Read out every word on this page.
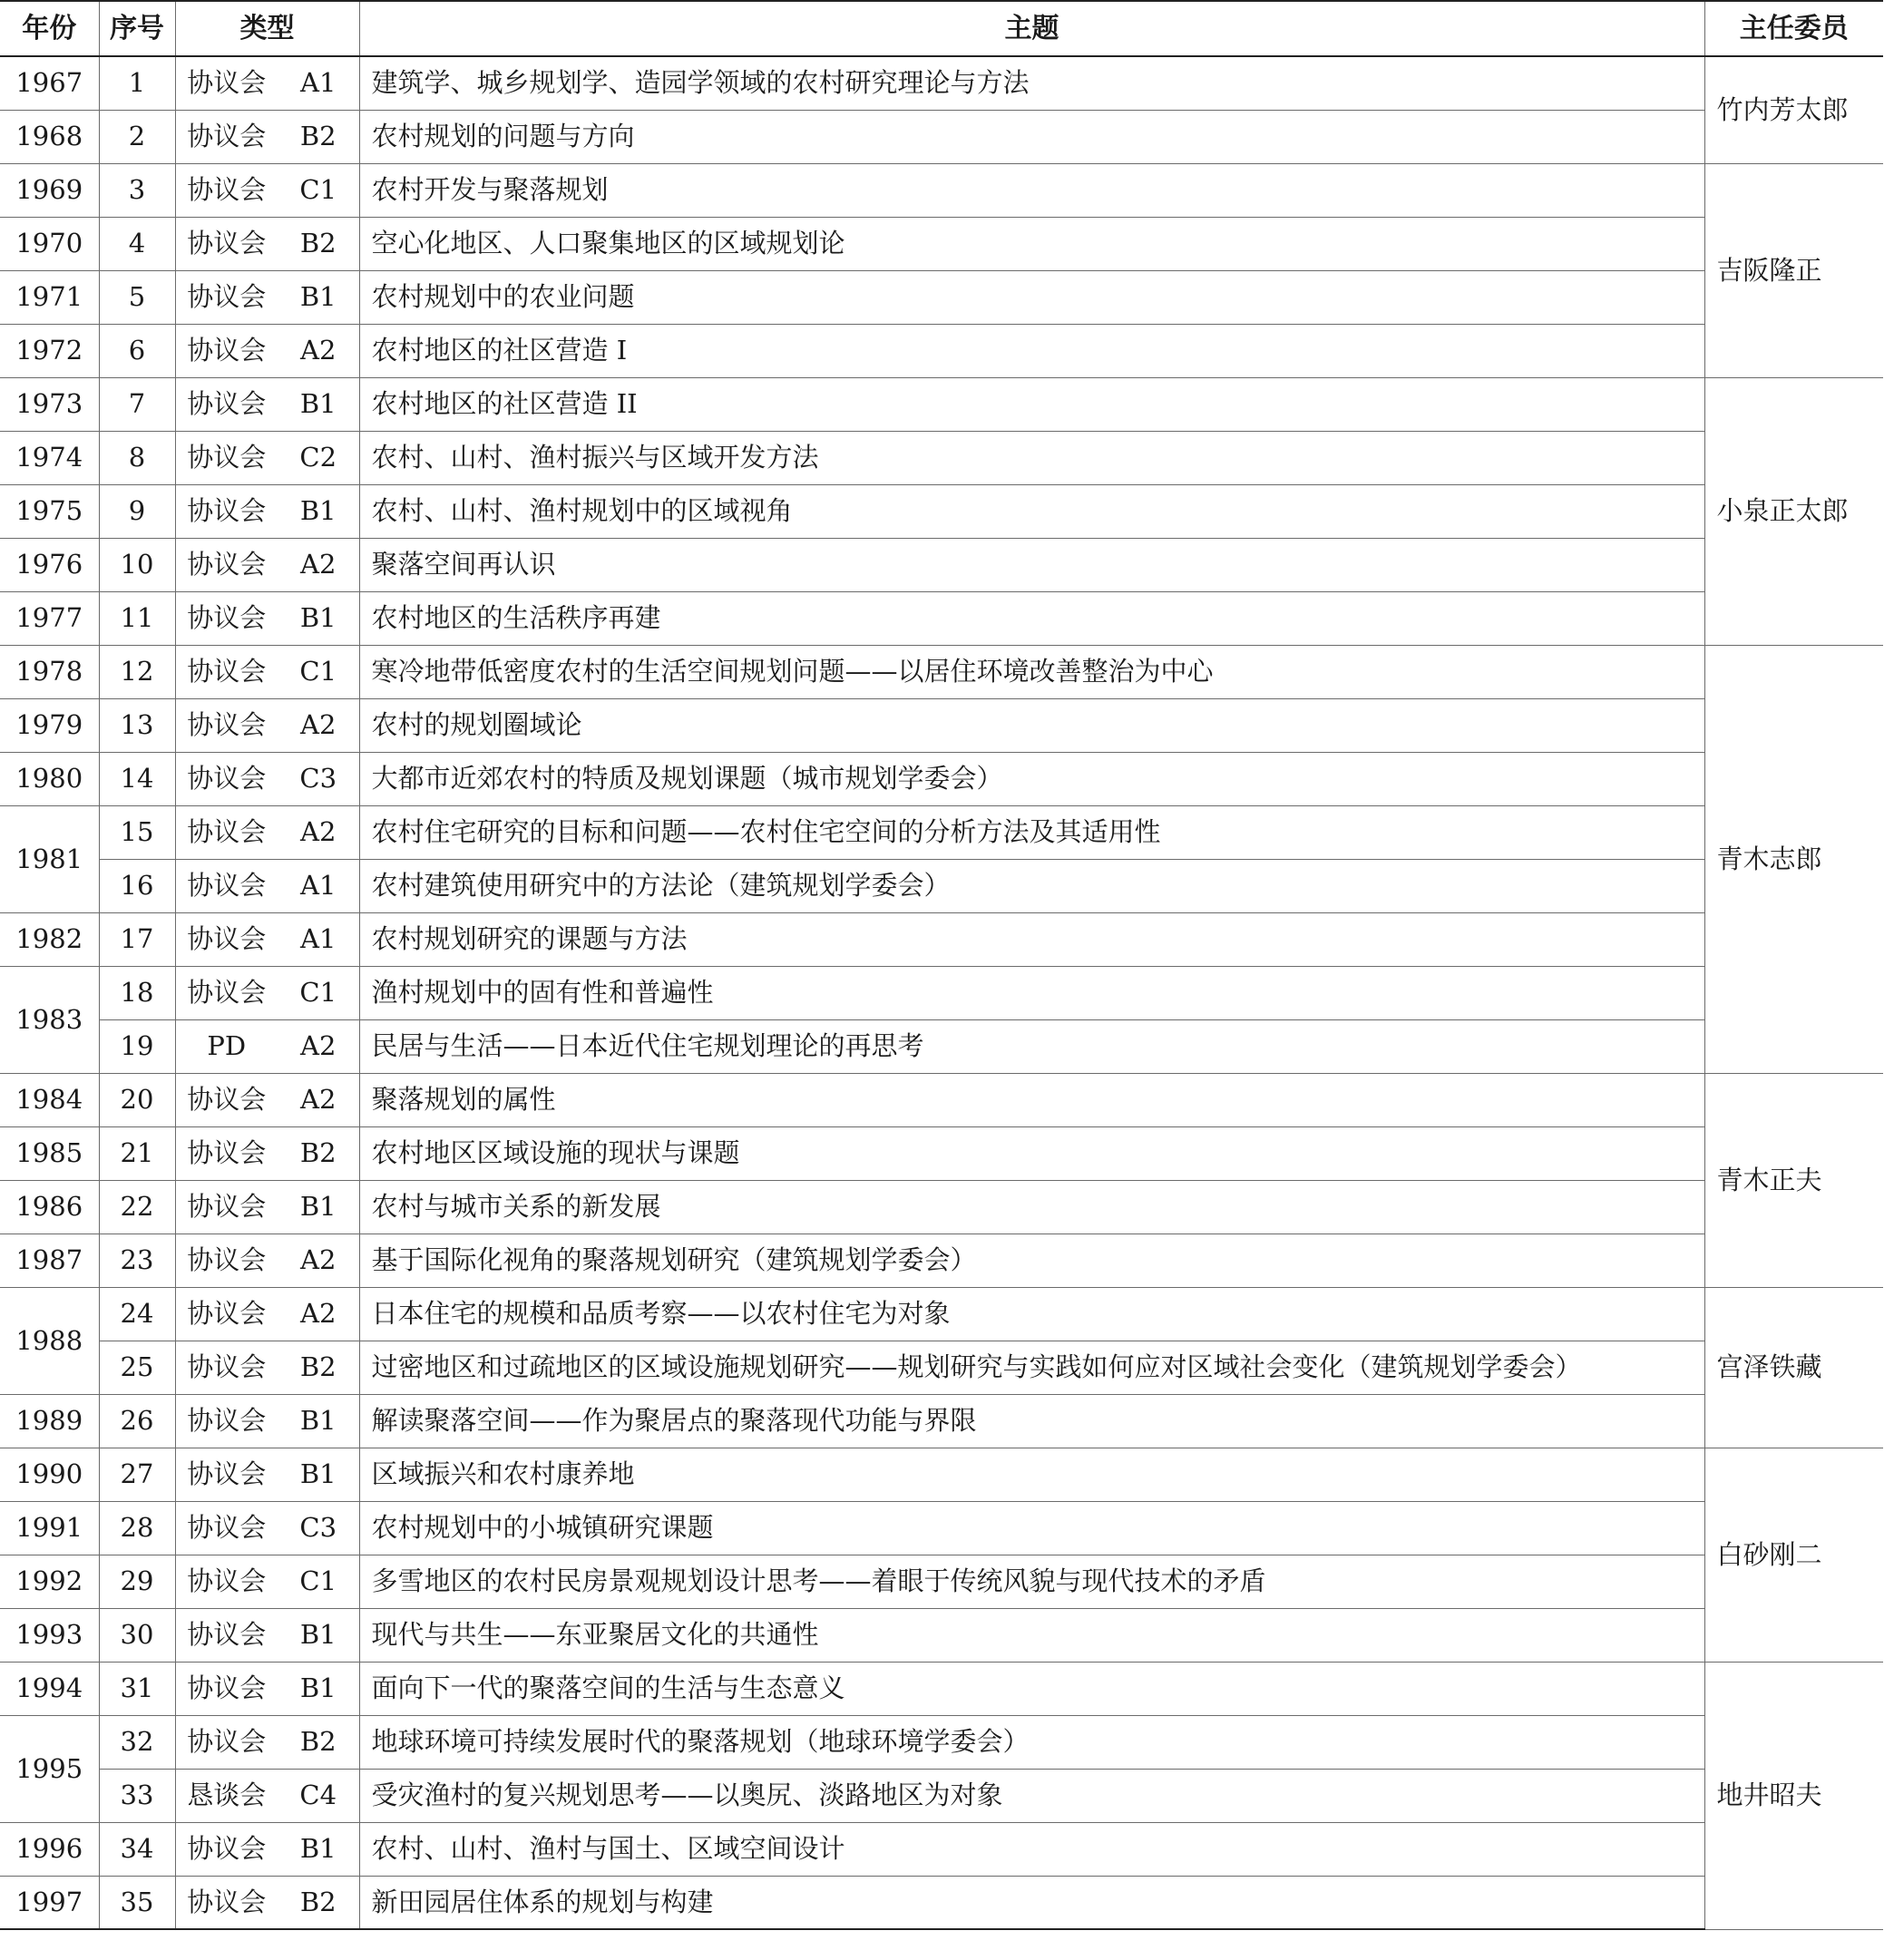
年份	序号	类型		主题	主任委员
1967	1	协议会	A1	建筑学、城乡规划学、造园学领域的农村研究理论与方法	竹内芳太郎
1968	2	协议会	B2	农村规划的问题与方向	
1969	3	协议会	C1	农村开发与聚落规划	吉阪隆正
1970	4	协议会	B2	空心化地区、人口聚集地区的区域规划论	
1971	5	协议会	B1	农村规划中的农业问题	
1972	6	协议会	A2	农村地区的社区营造 I	
1973	7	协议会	B1	农村地区的社区营造 II	小泉正太郎
1974	8	协议会	C2	农村、山村、渔村振兴与区域开发方法	
1975	9	协议会	B1	农村、山村、渔村规划中的区域视角	
1976	10	协议会	A2	聚落空间再认识	
1977	11	协议会	B1	农村地区的生活秩序再建	
1978	12	协议会	C1	寒冷地带低密度农村的生活空间规划问题——以居住环境改善整治为中心	青木志郎
1979	13	协议会	A2	农村的规划圈域论	
1980	14	协议会	C3	大都市近郊农村的特质及规划课题（城市规划学委会）	
1981	15	协议会	A2	农村住宅研究的目标和问题——农村住宅空间的分析方法及其适用性	
	16	协议会	A1	农村建筑使用研究中的方法论（建筑规划学委会）	
1982	17	协议会	A1	农村规划研究的课题与方法	
1983	18	协议会	C1	渔村规划中的固有性和普遍性	
	19	PD	A2	民居与生活——日本近代住宅规划理论的再思考	
1984	20	协议会	A2	聚落规划的属性	青木正夫
1985	21	协议会	B2	农村地区区域设施的现状与课题	
1986	22	协议会	B1	农村与城市关系的新发展	
1987	23	协议会	A2	基于国际化视角的聚落规划研究（建筑规划学委会）	
1988	24	协议会	A2	日本住宅的规模和品质考察——以农村住宅为对象	宫泽铁藏
	25	协议会	B2	过密地区和过疏地区的区域设施规划研究——规划研究与实践如何应对区域社会变化（建筑规划学委会）	
1989	26	协议会	B1	解读聚落空间——作为聚居点的聚落现代功能与界限	
1990	27	协议会	B1	区域振兴和农村康养地	白砂刚二
1991	28	协议会	C3	农村规划中的小城镇研究课题	
1992	29	协议会	C1	多雪地区的农村民房景观规划设计思考——着眼于传统风貌与现代技术的矛盾	
1993	30	协议会	B1	现代与共生——东亚聚居文化的共通性	
1994	31	协议会	B1	面向下一代的聚落空间的生活与生态意义	地井昭夫
1995	32	协议会	B2	地球环境可持续发展时代的聚落规划（地球环境学委会）	
	33	恳谈会	C4	受灾渔村的复兴规划思考——以奥尻、淡路地区为对象	
1996	34	协议会	B1	农村、山村、渔村与国土、区域空间设计	
1997	35	协议会	B2	新田园居住体系的规划与构建	
